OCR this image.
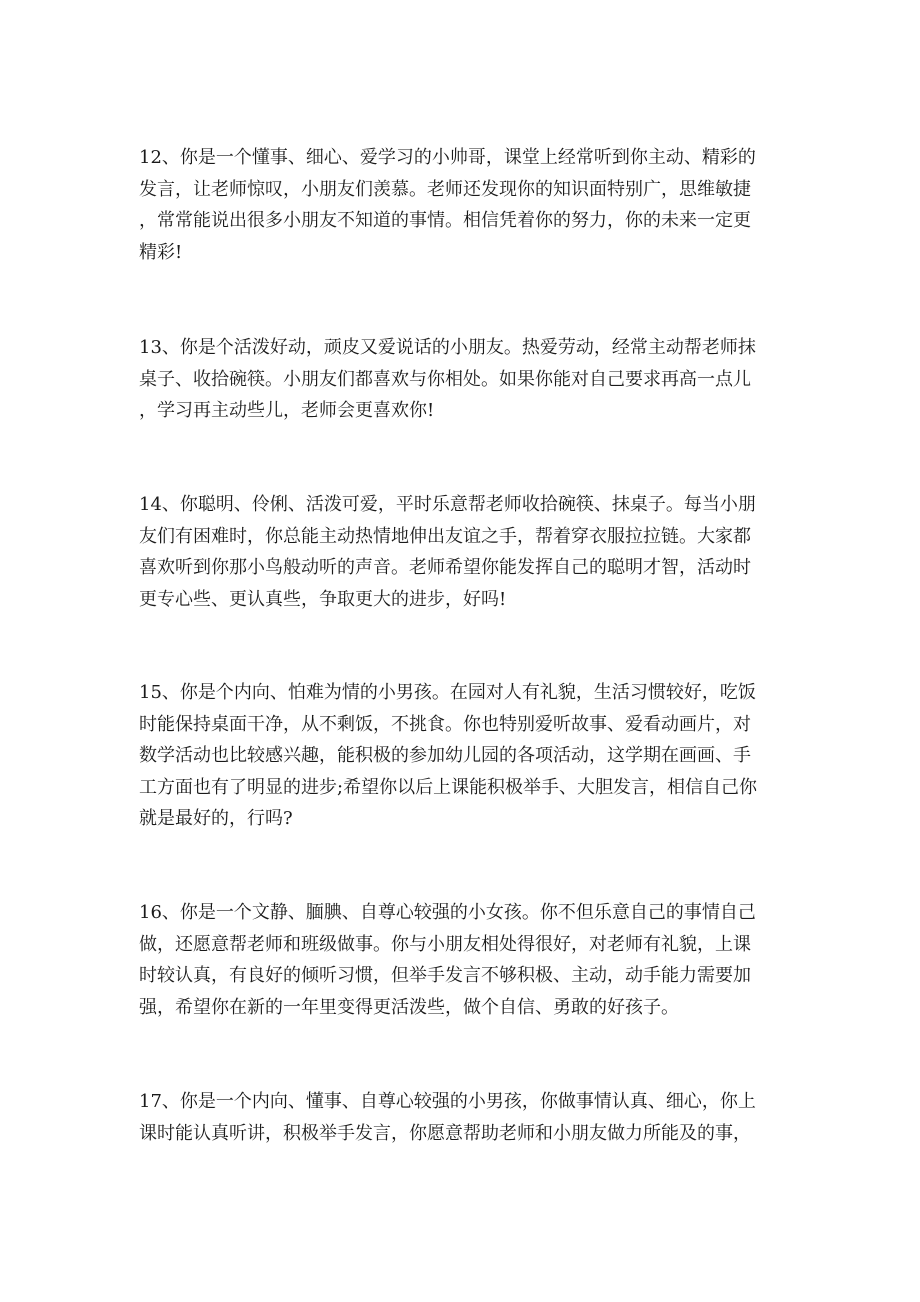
12、你是一个懂事、细心、爱学习的小帅哥，课堂上经常听到你主动、精彩的
发言，让老师惊叹，小朋友们羡慕。老师还发现你的知识面特别广，思维敏捷
，常常能说出很多小朋友不知道的事情。相信凭着你的努力，你的未来一定更
精彩!
13、你是个活泼好动，顽皮又爱说话的小朋友。热爱劳动，经常主动帮老师抹
桌子、收拾碗筷。小朋友们都喜欢与你相处。如果你能对自己要求再高一点儿
，学习再主动些儿，老师会更喜欢你!
14、你聪明、伶俐、活泼可爱，平时乐意帮老师收拾碗筷、抹桌子。每当小朋
友们有困难时，你总能主动热情地伸出友谊之手，帮着穿衣服拉拉链。大家都
喜欢听到你那小鸟般动听的声音。老师希望你能发挥自己的聪明才智，活动时
更专心些、更认真些，争取更大的进步，好吗!
15、你是个内向、怕难为情的小男孩。在园对人有礼貌，生活习惯较好，吃饭
时能保持桌面干净，从不剩饭，不挑食。你也特别爱听故事、爱看动画片，对
数学活动也比较感兴趣，能积极的参加幼儿园的各项活动，这学期在画画、手
工方面也有了明显的进步;希望你以后上课能积极举手、大胆发言，相信自己你
就是最好的，行吗?
16、你是一个文静、腼腆、自尊心较强的小女孩。你不但乐意自己的事情自己
做，还愿意帮老师和班级做事。你与小朋友相处得很好，对老师有礼貌，上课
时较认真，有良好的倾听习惯，但举手发言不够积极、主动，动手能力需要加
强，希望你在新的一年里变得更活泼些，做个自信、勇敢的好孩子。
17、你是一个内向、懂事、自尊心较强的小男孩，你做事情认真、细心，你上
课时能认真听讲，积极举手发言，你愿意帮助老师和小朋友做力所能及的事，
